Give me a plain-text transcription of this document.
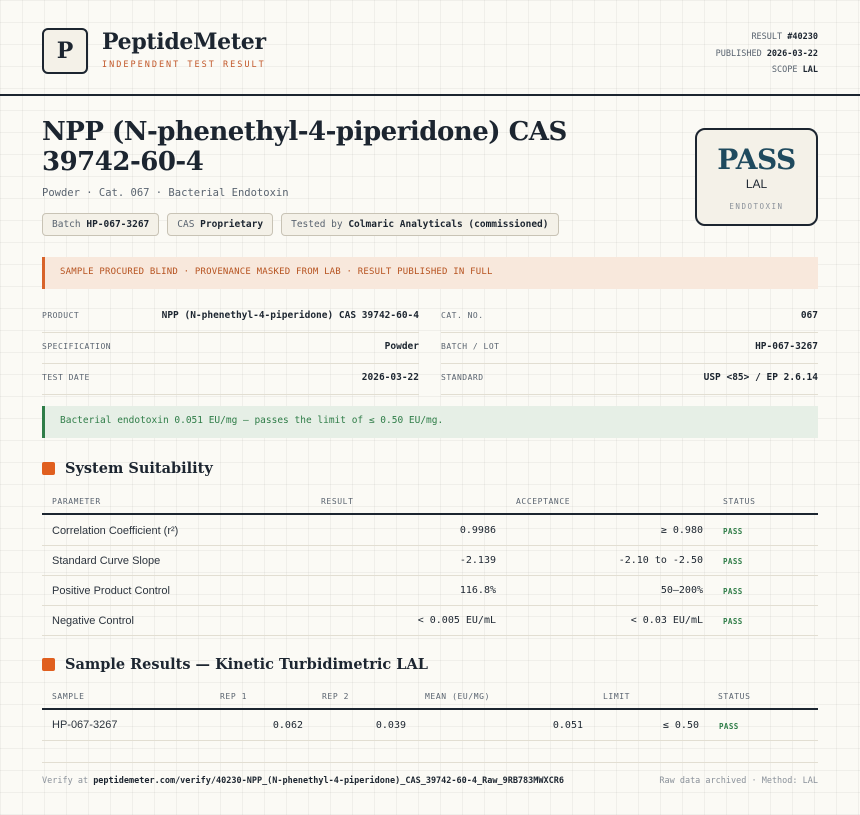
P	PeptideMeter
INDEPENDENT TEST RESULT
RESULT #40230
PUBLISHED 2026-03-22
SCOPE LAL
NPP (N-phenethyl-4-piperidone) CAS 39742-60-4
Powder · Cat. 067 · Bacterial Endotoxin
Batch HP-067-3267	CAS Proprietary	Tested by Colmaric Analyticals (commissioned)
PASS
LAL
ENDOTOXIN
SAMPLE PROCURED BLIND · PROVENANCE MASKED FROM LAB · RESULT PUBLISHED IN FULL
PRODUCT	NPP (N-phenethyl-4-piperidone) CAS 39742-60-4	CAT. NO.	067
SPECIFICATION	Powder	BATCH / LOT	HP-067-3267
TEST DATE	2026-03-22	STANDARD	USP <85> / EP 2.6.14
Bacterial endotoxin 0.051 EU/mg — passes the limit of ≤ 0.50 EU/mg.
System Suitability
PARAMETER	RESULT	ACCEPTANCE	STATUS
Correlation Coefficient (r²)	0.9986	≥ 0.980	PASS
Standard Curve Slope	-2.139	-2.10 to -2.50	PASS
Positive Product Control	116.8%	50–200%	PASS
Negative Control	< 0.005 EU/mL	< 0.03 EU/mL	PASS
Sample Results — Kinetic Turbidimetric LAL
SAMPLE	REP 1	REP 2	MEAN (EU/MG)	LIMIT	STATUS
HP-067-3267	0.062	0.039	0.051	≤ 0.50	PASS
Verify at peptidemeter.com/verify/40230-NPP_(N-phenethyl-4-piperidone)_CAS_39742-60-4_Raw_9RB783MWXCR6	Raw data archived · Method: LAL
